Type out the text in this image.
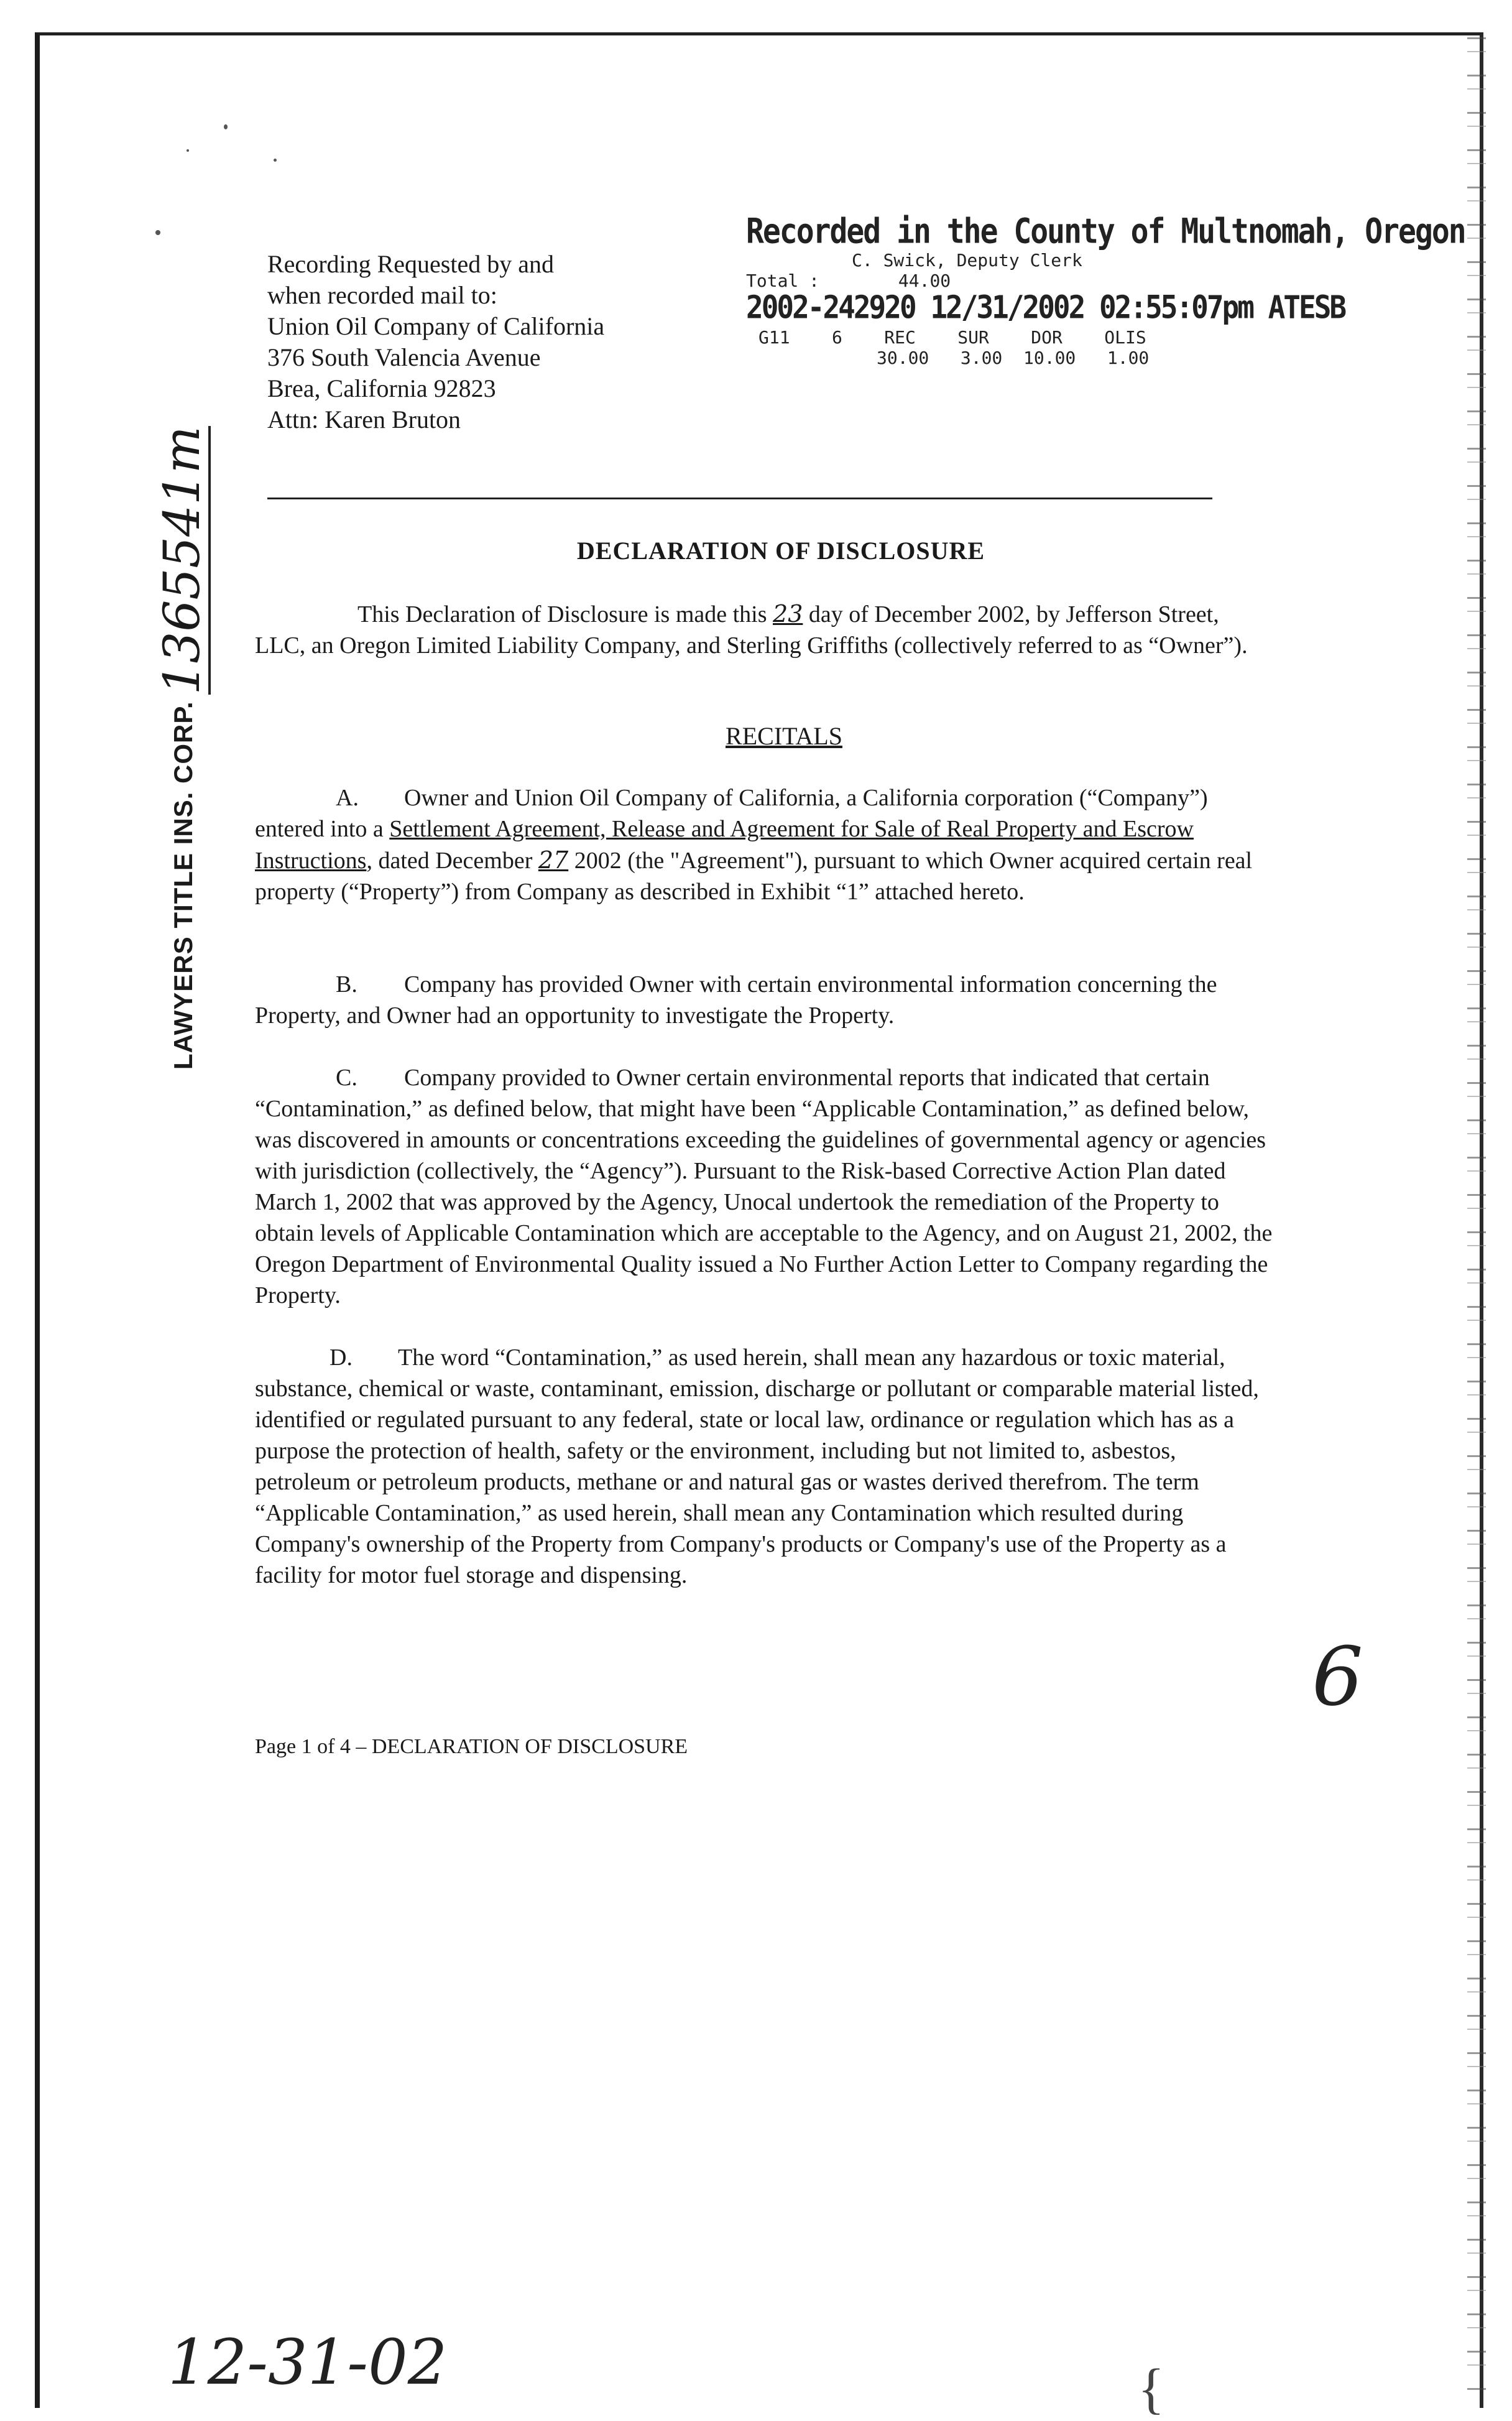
Recording Requested by and
when recorded mail to:
Union Oil Company of California
376 South Valencia Avenue
Brea, California 92823
Attn: Karen Bruton
Recorded in the County of Multnomah, Oregon
C. Swick, Deputy Clerk
Total :	44.00
2002-242920 12/31/2002 02:55:07pm ATESB
G11    6    REC    SUR    DOR    OLIS
30.00   3.00  10.00   1.00
LAWYERS TITLE INS. CORP.
1365541m	DECLARATION OF DISCLOSURE
This Declaration of Disclosure is made this 23 day of December 2002, by Jefferson Street, LLC, an Oregon Limited Liability Company, and Sterling Griffiths (collectively referred to as “Owner”).
RECITALS
A. Owner and Union Oil Company of California, a California corporation (“Company”) entered into a Settlement Agreement, Release and Agreement for Sale of Real Property and Escrow Instructions, dated December 27 2002 (the "Agreement"), pursuant to which Owner acquired certain real property (“Property”) from Company as described in Exhibit “1” attached hereto.
B. Company has provided Owner with certain environmental information concerning the Property, and Owner had an opportunity to investigate the Property.
C. Company provided to Owner certain environmental reports that indicated that certain “Contamination,” as defined below, that might have been “Applicable Contamination,” as defined below, was discovered in amounts or concentrations exceeding the guidelines of governmental agency or agencies with jurisdiction (collectively, the “Agency”). Pursuant to the Risk-based Corrective Action Plan dated March 1, 2002 that was approved by the Agency, Unocal undertook the remediation of the Property to obtain levels of Applicable Contamination which are acceptable to the Agency, and on August 21, 2002, the Oregon Department of Environmental Quality issued a No Further Action Letter to Company regarding the Property.
D. The word “Contamination,” as used herein, shall mean any hazardous or toxic material, substance, chemical or waste, contaminant, emission, discharge or pollutant or comparable material listed, identified or regulated pursuant to any federal, state or local law, ordinance or regulation which has as a purpose the protection of health, safety or the environment, including but not limited to, asbestos, petroleum or petroleum products, methane or and natural gas or wastes derived therefrom. The term “Applicable Contamination,” as used herein, shall mean any Contamination which resulted during Company's ownership of the Property from Company's products or Company's use of the Property as a facility for motor fuel storage and dispensing.
6
Page 1 of 4 – DECLARATION OF DISCLOSURE
12-31-02	{
